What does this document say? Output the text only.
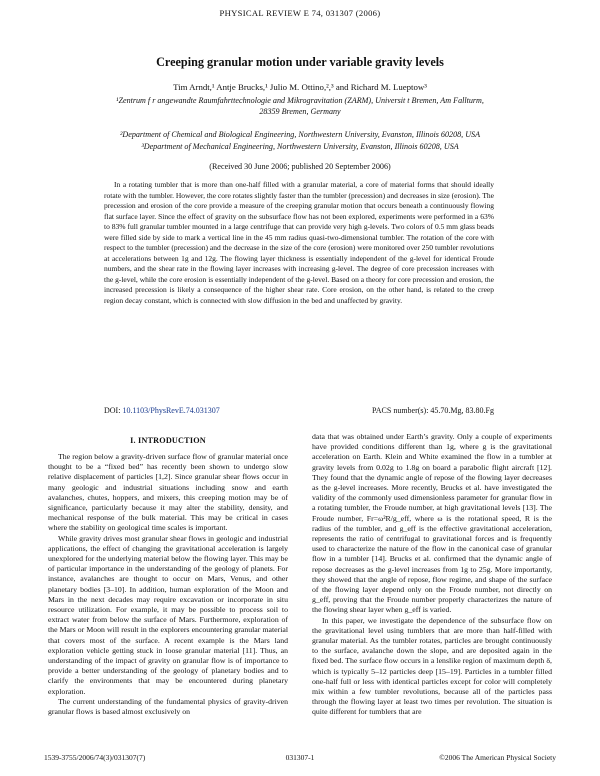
PHYSICAL REVIEW E 74, 031307 (2006)
Creeping granular motion under variable gravity levels
Tim Arndt,¹ Antje Brucks,¹ Julio M. Ottino,²,³ and Richard M. Lueptow³
¹Zentrum f r angewandte Raumfahrttechnologie and Mikrogravitation (ZARM), Universit t Bremen, Am Fallturm,
28359 Bremen, Germany
²Department of Chemical and Biological Engineering, Northwestern University, Evanston, Illinois 60208, USA
³Department of Mechanical Engineering, Northwestern University, Evanston, Illinois 60208, USA
(Received 30 June 2006; published 20 September 2006)

In a rotating tumbler that is more than one-half filled with a granular material, a core of material forms that should ideally rotate with the tumbler. However, the core rotates slightly faster than the tumbler (precession) and decreases in size (erosion). The precession and erosion of the core provide a measure of the creeping granular motion that occurs beneath a continuously flowing flat surface layer. Since the effect of gravity on the subsurface flow has not been explored, experiments were performed in a 63% to 83% full granular tumbler mounted in a large centrifuge that can provide very high g-levels. Two colors of 0.5 mm glass beads were filled side by side to mark a vertical line in the 45 mm radius quasi-two-dimensional tumbler. The rotation of the core with respect to the tumbler (precession) and the decrease in the size of the core (erosion) were monitored over 250 tumbler revolutions at accelerations between 1g and 12g. The flowing layer thickness is essentially independent of the g-level for identical Froude numbers, and the shear rate in the flowing layer increases with increasing g-level. The degree of core precession increases with the g-level, while the core erosion is essentially independent of the g-level. Based on a theory for core precession and erosion, the increased precession is likely a consequence of the higher shear rate. Core erosion, on the other hand, is related to the creep region decay constant, which is connected with slow diffusion in the bed and unaffected by gravity.

DOI: 10.1103/PhysRevE.74.031307	PACS number(s): 45.70.Mg, 83.80.Fg
I. INTRODUCTION

The region below a gravity-driven surface flow of granular material once thought to be a “fixed bed” has recently been shown to undergo slow relative displacement of particles [1,2]. Since granular shear flows occur in many geologic and industrial situations including snow and earth avalanches, chutes, hoppers, and mixers, this creeping motion may be of significance, particularly because it may alter the stability, density, and mechanical response of the bulk material. This may be critical in cases where the stability on geological time scales is important.

While gravity drives most granular shear flows in geologic and industrial applications, the effect of changing the gravitational acceleration is largely unexplored for the underlying material below the flowing layer. This may be of particular importance in the understanding of the geology of planets. For instance, avalanches are thought to occur on Mars, Venus, and other planetary bodies [3–10]. In addition, human exploration of the Moon and Mars in the next decades may require excavation or incorporate in situ resource utilization. For example, it may be possible to process soil to extract water from below the surface of Mars. Furthermore, exploration of the Mars or Moon will result in the explorers encountering granular material that covers most of the surface. A recent example is the Mars land exploration vehicle getting stuck in loose granular material [11]. Thus, an understanding of the impact of gravity on granular flow is of importance to provide a better understanding of the geology of planetary bodies and to clarify the environments that may be encountered during planetary exploration.

The current understanding of the fundamental physics of gravity-driven granular flows is based almost exclusively on

data that was obtained under Earth’s gravity. Only a couple of experiments have provided conditions different than 1g, where g is the gravitational acceleration on Earth. Klein and White examined the flow in a tumbler at gravity levels from 0.02g to 1.8g on board a parabolic flight aircraft [12]. They found that the dynamic angle of repose of the flowing layer decreases as the g-level increases. More recently, Brucks et al. have investigated the validity of the commonly used dimensionless parameter for granular flow in a rotating tumbler, the Froude number, at high gravitational levels [13]. The Froude number, Fr=ω²R/g_eff, where ω is the rotational speed, R is the radius of the tumbler, and g_eff is the effective gravitational acceleration, represents the ratio of centrifugal to gravitational forces and is frequently used to characterize the nature of the flow in the canonical case of granular flow in a tumbler [14]. Brucks et al. confirmed that the dynamic angle of repose decreases as the g-level increases from 1g to 25g. More importantly, they showed that the angle of repose, flow regime, and shape of the surface of the flowing layer depend only on the Froude number, not directly on g_eff, proving that the Froude number properly characterizes the nature of the flowing shear layer when g_eff is varied.

In this paper, we investigate the dependence of the subsurface flow on the gravitational level using tumblers that are more than half-filled with granular material. As the tumbler rotates, particles are brought continuously to the surface, avalanche down the slope, and are deposited again in the fixed bed. The surface flow occurs in a lenslike region of maximum depth δ, which is typically 5–12 particles deep [15–19]. Particles in a tumbler filled one-half full or less with identical particles except for color will completely mix within a few tumbler revolutions, because all of the particles pass through the flowing layer at least two times per revolution. The situation is quite different for tumblers that are

1539-3755/2006/74(3)/031307(7)	031307-1	©2006 The American Physical Society
